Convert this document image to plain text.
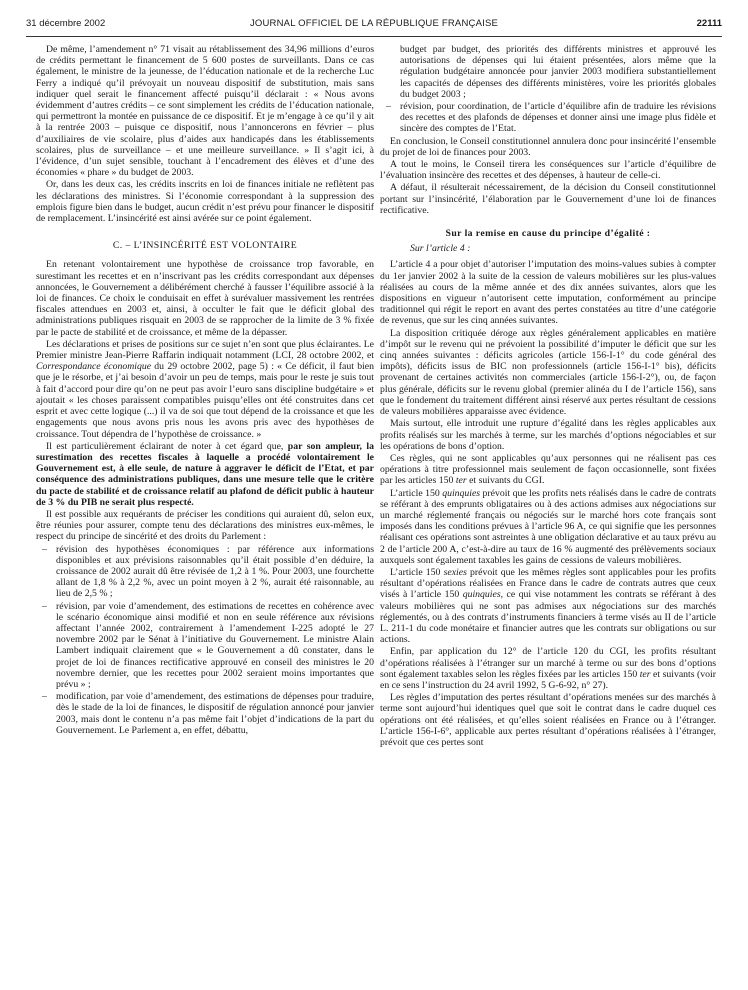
31 décembre 2002	JOURNAL OFFICIEL DE LA RÉPUBLIQUE FRANÇAISE	22111

De même, l’amendement n° 71 visait au rétablissement des 34,96 millions d’euros de crédits permettant le financement de 5 600 postes de surveillants. Dans ce cas également, le ministre de la jeunesse, de l’éducation nationale et de la recherche Luc Ferry a indiqué qu’il prévoyait un nouveau dispositif de substitution, mais sans indiquer quel serait le financement affecté puisqu’il déclarait : « Nous avons évidemment d’autres crédits – ce sont simplement les crédits de l’éducation nationale, qui permettront la montée en puissance de ce dispositif. Et je m’engage à ce qu’il y ait à la rentrée 2003 – puisque ce dispositif, nous l’annoncerons en février – plus d’auxiliaires de vie scolaire, plus d’aides aux handicapés dans les établissements scolaires, plus de surveillance – et une meilleure surveillance. » Il s’agit ici, à l’évidence, d’un sujet sensible, touchant à l’encadrement des élèves et d’une des économies « phare » du budget de 2003.

Or, dans les deux cas, les crédits inscrits en loi de finances initiale ne reflètent pas les déclarations des ministres. Si l’économie correspondant à la suppression des emplois figure bien dans le budget, aucun crédit n’est prévu pour financer le dispositif de remplacement. L’insincérité est ainsi avérée sur ce point également.

C. – L’INSINCÉRITÉ EST VOLONTAIRE

En retenant volontairement une hypothèse de croissance trop favorable, en surestimant les recettes et en n’inscrivant pas les crédits correspondant aux dépenses annoncées, le Gouvernement a délibérément cherché à fausser l’équilibre associé à la loi de finances. Ce choix le conduisait en effet à surévaluer massivement les rentrées fiscales attendues en 2003 et, ainsi, à occulter le fait que le déficit global des administrations publiques risquait en 2003 de se rapprocher de la limite de 3 % fixée par le pacte de stabilité et de croissance, et même de la dépasser.

Les déclarations et prises de positions sur ce sujet n’en sont que plus éclairantes. Le Premier ministre Jean-Pierre Raffarin indiquait notamment (LCI, 28 octobre 2002, et Correspondance économique du 29 octobre 2002, page 5) : « Ce déficit, il faut bien que je le résorbe, et j’ai besoin d’avoir un peu de temps, mais pour le reste je suis tout à fait d’accord pour dire qu’on ne peut pas avoir l’euro sans discipline budgétaire » et ajoutait « les choses paraissent compatibles puisqu’elles ont été construites dans cet esprit et avec cette logique (...) il va de soi que tout dépend de la croissance et que les engagements que nous avons pris nous les avons pris avec des hypothèses de croissance. Tout dépendra de l’hypothèse de croissance. »

Il est particulièrement éclairant de noter à cet égard que, par son ampleur, la surestimation des recettes fiscales à laquelle a procédé volontairement le Gouvernement est, à elle seule, de nature à aggraver le déficit de l’Etat, et par conséquence des administrations publiques, dans une mesure telle que le critère du pacte de stabilité et de croissance relatif au plafond de déficit public à hauteur de 3 % du PIB ne serait plus respecté.

Il est possible aux requérants de préciser les conditions qui auraient dû, selon eux, être réunies pour assurer, compte tenu des déclarations des ministres eux-mêmes, le respect du principe de sincérité et des droits du Parlement :

– révision des hypothèses économiques : par référence aux informations disponibles et aux prévisions raisonnables qu’il était possible d’en déduire, la croissance de 2002 aurait dû être révisée de 1,2 à 1 %. Pour 2003, une fourchette allant de 1,8 % à 2,2 %, avec un point moyen à 2 %, aurait été raisonnable, au lieu de 2,5 % ;
– révision, par voie d’amendement, des estimations de recettes en cohérence avec le scénario économique ainsi modifié et non en seule référence aux révisions affectant l’année 2002, contrairement à l’amendement I-225 adopté le 27 novembre 2002 par le Sénat à l’initiative du Gouvernement. Le ministre Alain Lambert indiquait clairement que « le Gouvernement a dû constater, dans le projet de loi de finances rectificative approuvé en conseil des ministres le 20 novembre dernier, que les recettes pour 2002 seraient moins importantes que prévu » ;
– modification, par voie d’amendement, des estimations de dépenses pour traduire, dès le stade de la loi de finances, le dispositif de régulation annoncé pour janvier 2003, mais dont le contenu n’a pas même fait l’objet d’indications de la part du Gouvernement. Le Parlement a, en effet, débattu,

budget par budget, des priorités des différents ministres et approuvé les autorisations de dépenses qui lui étaient présentées, alors même que la régulation budgétaire annoncée pour janvier 2003 modifiera substantiellement les capacités de dépenses des différents ministères, voire les priorités globales du budget 2003 ;

– révision, pour coordination, de l’article d’équilibre afin de traduire les révisions des recettes et des plafonds de dépenses et donner ainsi une image plus fidèle et sincère des comptes de l’Etat.

En conclusion, le Conseil constitutionnel annulera donc pour insincérité l’ensemble du projet de loi de finances pour 2003.

A tout le moins, le Conseil tirera les conséquences sur l’article d’équilibre de l’évaluation insincère des recettes et des dépenses, à hauteur de celle-ci.

A défaut, il résulterait nécessairement, de la décision du Conseil constitutionnel portant sur l’insincérité, l’élaboration par le Gouvernement d’une loi de finances rectificative.

Sur la remise en cause du principe d’égalité :

Sur l’article 4 :

L’article 4 a pour objet d’autoriser l’imputation des moins-values subies à compter du 1er janvier 2002 à la suite de la cession de valeurs mobilières sur les plus-values réalisées au cours de la même année et des dix années suivantes, alors que les dispositions en vigueur n’autorisent cette imputation, conformément au principe traditionnel qui régit le report en avant des pertes constatées au titre d’une catégorie de revenus, que sur les cinq années suivantes.

La disposition critiquée déroge aux règles généralement applicables en matière d’impôt sur le revenu qui ne prévoient la possibilité d’imputer le déficit que sur les cinq années suivantes : déficits agricoles (article 156-I-1° du code général des impôts), déficits issus de BIC non professionnels (article 156-I-1° bis), déficits provenant de certaines activités non commerciales (article 156-I-2°), ou, de façon plus générale, déficits sur le revenu global (premier alinéa du I de l’article 156), sans que le fondement du traitement différent ainsi réservé aux pertes résultant de cessions de valeurs mobilières apparaisse avec évidence.

Mais surtout, elle introduit une rupture d’égalité dans les règles applicables aux profits réalisés sur les marchés à terme, sur les marchés d’options négociables et sur les opérations de bons d’option.

Ces règles, qui ne sont applicables qu’aux personnes qui ne réalisent pas ces opérations à titre professionnel mais seulement de façon occasionnelle, sont fixées par les articles 150 ter et suivants du CGI.

L’article 150 quinquies prévoit que les profits nets réalisés dans le cadre de contrats se référant à des emprunts obligataires ou à des actions admises aux négociations sur un marché réglementé français ou négociés sur le marché hors cote français sont imposés dans les conditions prévues à l’article 96 A, ce qui signifie que les personnes réalisant ces opérations sont astreintes à une obligation déclarative et au taux prévu au 2 de l’article 200 A, c’est-à-dire au taux de 16 % augmenté des prélèvements sociaux auxquels sont également taxables les gains de cessions de valeurs mobilières.

L’article 150 sexies prévoit que les mêmes règles sont applicables pour les profits résultant d’opérations réalisées en France dans le cadre de contrats autres que ceux visés à l’article 150 quinquies, ce qui vise notamment les contrats se référant à des valeurs mobilières qui ne sont pas admises aux négociations sur des marchés réglementés, ou à des contrats d’instruments financiers à terme visés au II de l’article L. 211-1 du code monétaire et financier autres que les contrats sur obligations ou sur actions.

Enfin, par application du 12° de l’article 120 du CGI, les profits résultant d’opérations réalisées à l’étranger sur un marché à terme ou sur des bons d’options sont également taxables selon les règles fixées par les articles 150 ter et suivants (voir en ce sens l’instruction du 24 avril 1992, 5 G-6-92, n° 27).

Les règles d’imputation des pertes résultant d’opérations menées sur des marchés à terme sont aujourd’hui identiques quel que soit le contrat dans le cadre duquel ces opérations ont été réalisées, et qu’elles soient réalisées en France ou à l’étranger. L’article 156-I-6°, applicable aux pertes résultant d’opérations réalisées à l’étranger, prévoit que ces pertes sont
